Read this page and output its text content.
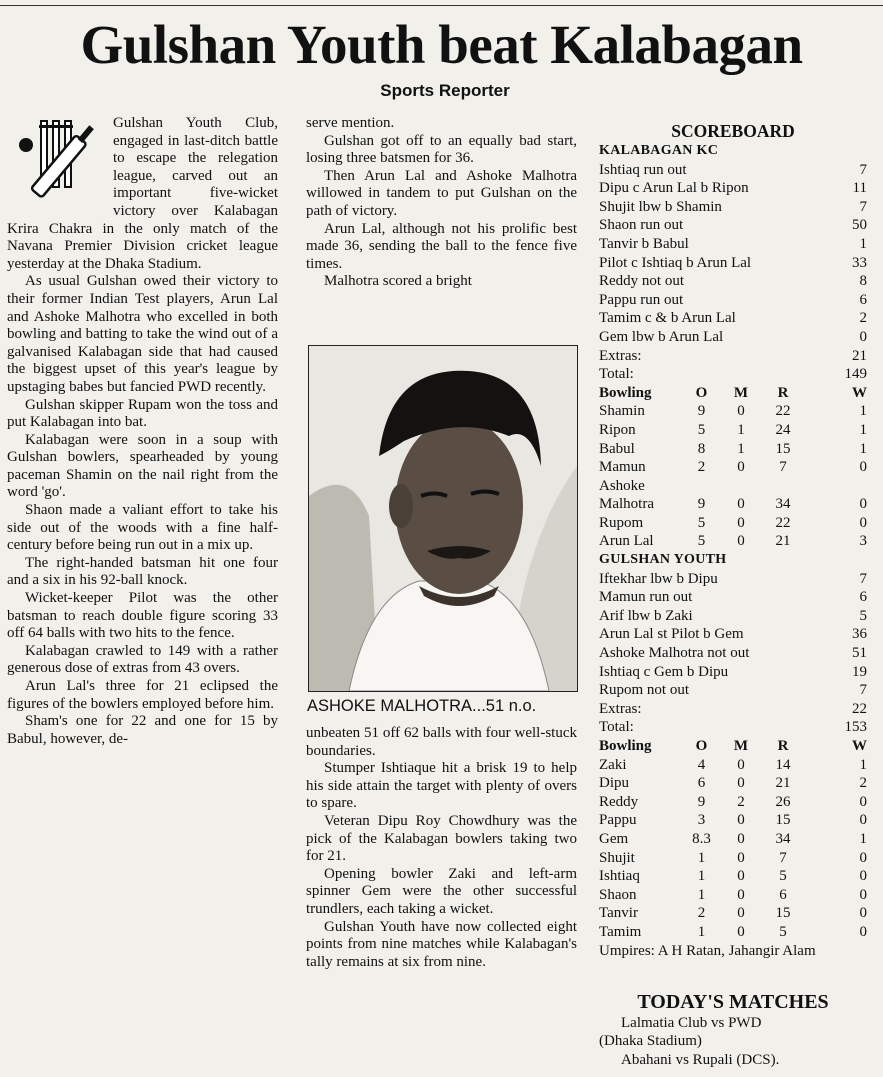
Gulshan Youth beat Kalabagan
Sports Reporter

Gulshan Youth Club, engaged in last-ditch battle to escape the relegation league, carved out an important five-wicket victory over Kalabagan Krira Chakra in the only match of the Navana Premier Division cricket league yesterday at the Dhaka Stadium.

As usual Gulshan owed their victory to their former Indian Test players, Arun Lal and Ashoke Malhotra who excelled in both bowling and batting to take the wind out of a galvanised Kalabagan side that had caused the biggest upset of this year's league by upstaging babes but fancied PWD recently.

Gulshan skipper Rupam won the toss and put Kalabagan into bat.

Kalabagan were soon in a soup with Gulshan bowlers, spearheaded by young paceman Shamin on the nail right from the word 'go'.

Shaon made a valiant effort to take his side out of the woods with a fine half-century before being run out in a mix up.

The right-handed batsman hit one four and a six in his 92-ball knock.

Wicket-keeper Pilot was the other batsman to reach double figure scoring 33 off 64 balls with two hits to the fence.

Kalabagan crawled to 149 with a rather generous dose of extras from 43 overs.

Arun Lal's three for 21 eclipsed the figures of the bowlers employed before him.

Sham's one for 22 and one for 15 by Babul, however, de-

serve mention.

Gulshan got off to an equally bad start, losing three batsmen for 36.

Then Arun Lal and Ashoke Malhotra willowed in tandem to put Gulshan on the path of victory.

Arun Lal, although not his prolific best made 36, sending the ball to the fence five times.

Malhotra scored a bright

unbeaten 51 off 62 balls with four well-stuck boundaries.

Stumper Ishtiaque hit a brisk 19 to help his side attain the target with plenty of overs to spare.

Veteran Dipu Roy Chowdhury was the pick of the Kalabagan bowlers taking two for 21.

Opening bowler Zaki and left-arm spinner Gem were the other successful trundlers, each taking a wicket.

Gulshan Youth have now collected eight points from nine matches while Kalabagan's tally remains at six from nine.

ASHOKE MALHOTRA...51 n.o.
SCOREBOARD
KALABAGAN KC
Ishtiaq run out	7
Dipu c Arun Lal b Ripon	11
Shujit lbw b Shamin	7
Shaon run out	50
Tanvir b Babul	1
Pilot c Ishtiaq b Arun Lal	33
Reddy not out	8
Pappu run out	6
Tamim c & b Arun Lal	2
Gem lbw b Arun Lal	0
Extras:	21
Total:	149
Bowling	O	M	R	W
Shamin	9	0	22	1
Ripon	5	1	24	1
Babul	8	1	15	1
Mamun	2	0	7	0
Ashoke
Malhotra	9	0	34	0
Rupom	5	0	22	0
Arun Lal	5	0	21	3
GULSHAN YOUTH
Iftekhar lbw b Dipu	7
Mamun run out	6
Arif lbw b Zaki	5
Arun Lal st Pilot b Gem	36
Ashoke Malhotra not out	51
Ishtiaq c Gem b Dipu	19
Rupom not out	7
Extras:	22
Total:	153
Bowling	O	M	R	W
Zaki	4	0	14	1
Dipu	6	0	21	2
Reddy	9	2	26	0
Pappu	3	0	15	0
Gem	8.3	0	34	1
Shujit	1	0	7	0
Ishtiaq	1	0	5	0
Shaon	1	0	6	0
Tanvir	2	0	15	0
Tamim	1	0	5	0
Umpires: A H Ratan, Jahangir Alam
TODAY'S MATCHES
Lalmatia Club vs PWD
(Dhaka Stadium)
Abahani vs Rupali (DCS).
